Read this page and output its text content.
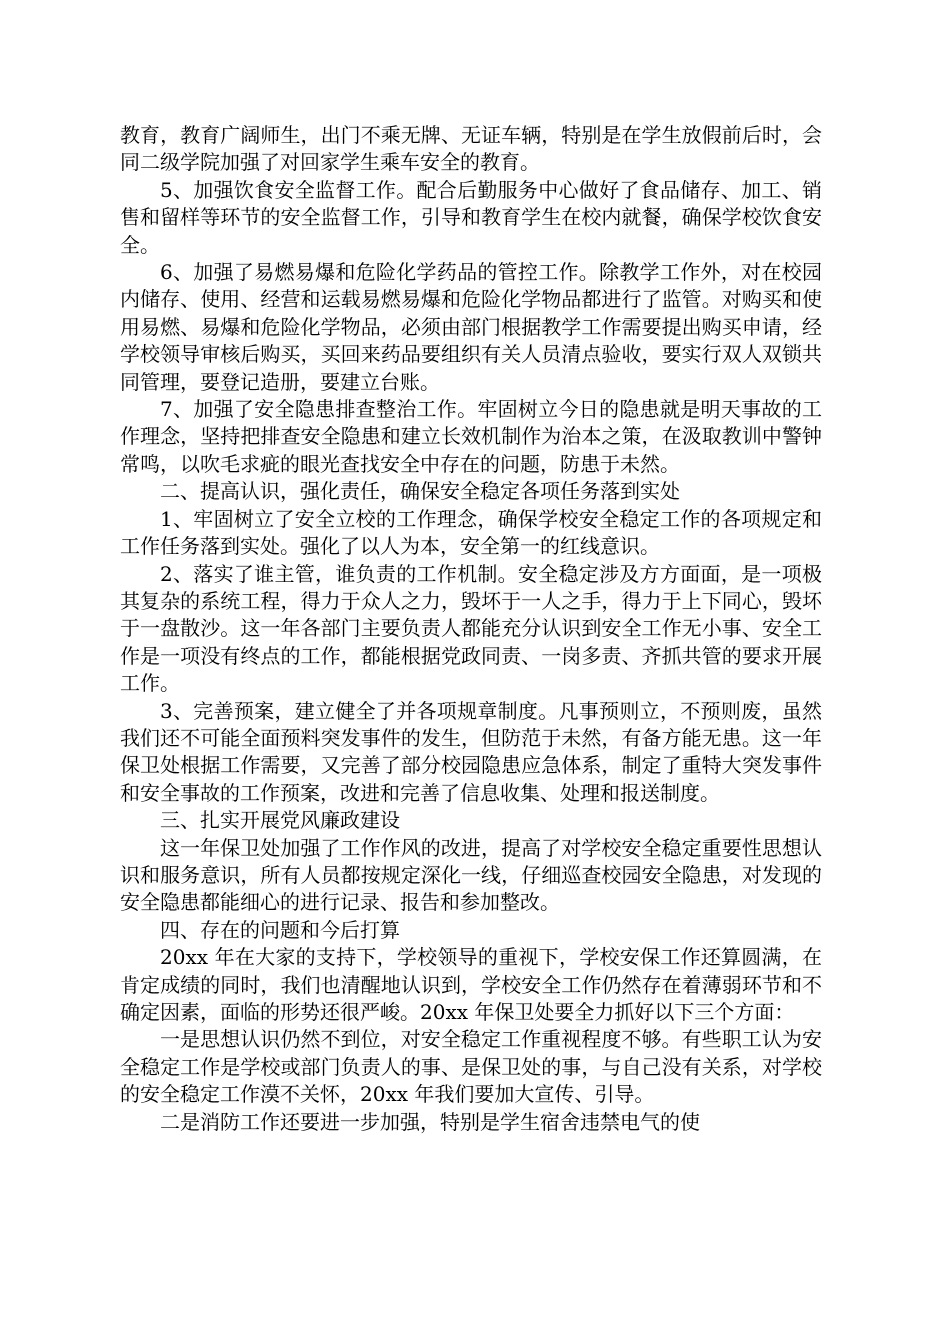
教育，教育广阔师生，出门不乘无牌、无证车辆，特别是在学生放假前后时，会同二级学院加强了对回家学生乘车安全的教育。

5、加强饮食安全监督工作。配合后勤服务中心做好了食品储存、加工、销售和留样等环节的安全监督工作，引导和教育学生在校内就餐，确保学校饮食安全。

6、加强了易燃易爆和危险化学药品的管控工作。除教学工作外，对在校园内储存、使用、经营和运载易燃易爆和危险化学物品都进行了监管。对购买和使用易燃、易爆和危险化学物品，必须由部门根据教学工作需要提出购买申请，经学校领导审核后购买，买回来药品要组织有关人员清点验收，要实行双人双锁共同管理，要登记造册，要建立台账。

7、加强了安全隐患排查整治工作。牢固树立今日的隐患就是明天事故的工作理念，坚持把排查安全隐患和建立长效机制作为治本之策，在汲取教训中警钟常鸣，以吹毛求疵的眼光查找安全中存在的问题，防患于未然。

二、提高认识，强化责任，确保安全稳定各项任务落到实处

1、牢固树立了安全立校的工作理念，确保学校安全稳定工作的各项规定和工作任务落到实处。强化了以人为本，安全第一的红线意识。

2、落实了谁主管，谁负责的工作机制。安全稳定涉及方方面面，是一项极其复杂的系统工程，得力于众人之力，毁坏于一人之手，得力于上下同心，毁坏于一盘散沙。这一年各部门主要负责人都能充分认识到安全工作无小事、安全工作是一项没有终点的工作，都能根据党政同责、一岗多责、齐抓共管的要求开展工作。

3、完善预案，建立健全了并各项规章制度。凡事预则立，不预则废，虽然我们还不可能全面预料突发事件的发生，但防范于未然，有备方能无患。这一年保卫处根据工作需要，又完善了部分校园隐患应急体系，制定了重特大突发事件和安全事故的工作预案，改进和完善了信息收集、处理和报送制度。

三、扎实开展党风廉政建设

这一年保卫处加强了工作作风的改进，提高了对学校安全稳定重要性思想认识和服务意识，所有人员都按规定深化一线，仔细巡查校园安全隐患，对发现的安全隐患都能细心的进行记录、报告和参加整改。

四、存在的问题和今后打算

20xx 年在大家的支持下，学校领导的重视下，学校安保工作还算圆满，在肯定成绩的同时，我们也清醒地认识到，学校安全工作仍然存在着薄弱环节和不确定因素，面临的形势还很严峻。20xx 年保卫处要全力抓好以下三个方面：

一是思想认识仍然不到位，对安全稳定工作重视程度不够。有些职工认为安全稳定工作是学校或部门负责人的事、是保卫处的事，与自己没有关系，对学校的安全稳定工作漠不关怀，20xx 年我们要加大宣传、引导。

二是消防工作还要进一步加强，特别是学生宿舍违禁电气的使
